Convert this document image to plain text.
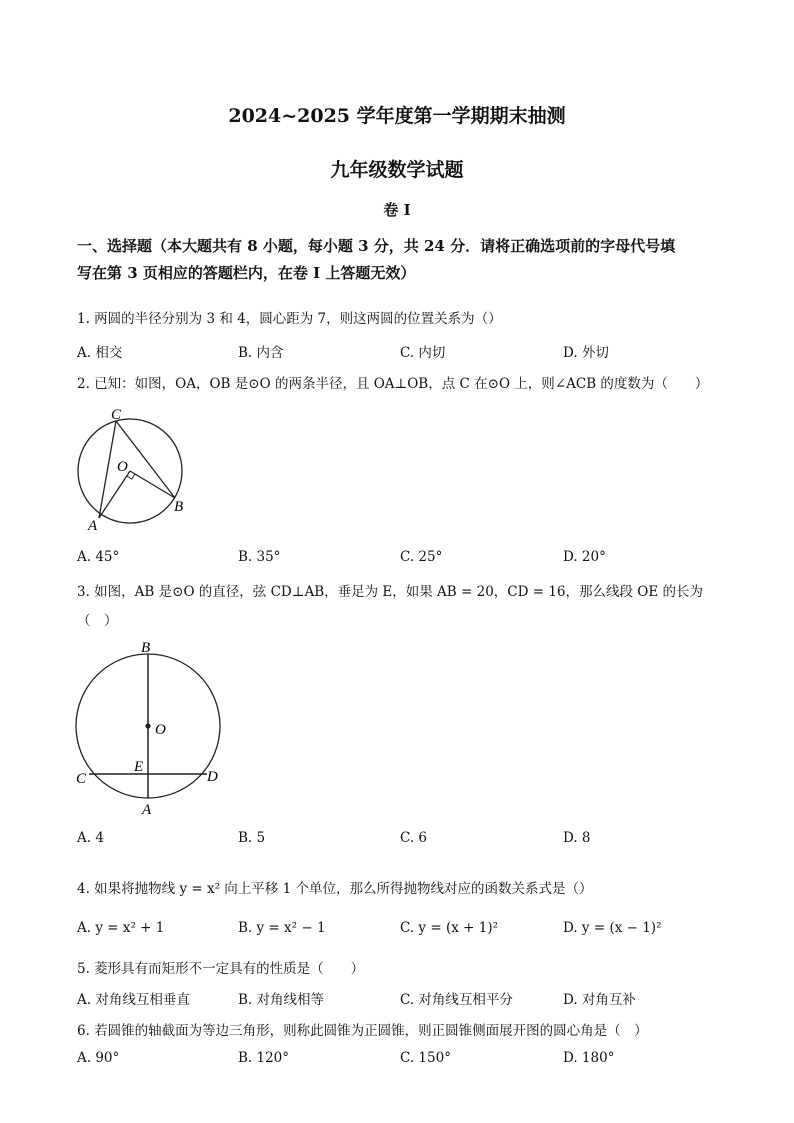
2024~2025 学年度第一学期期末抽测
九年级数学试题
卷 I
一、选择题（本大题共有 8 小题，每小题 3 分，共 24 分．请将正确选项前的字母代号填
写在第 3 页相应的答题栏内，在卷 I 上答题无效）
1. 两圆的半径分别为 3 和 4，圆心距为 7，则这两圆的位置关系为（）
A. 相交	B. 内含	C. 内切	D. 外切
2. 已知：如图，OA，OB 是⊙O 的两条半径，且 OA⊥OB，点 C 在⊙O 上，则∠ACB 的度数为（　　）
C
O
A
B
A. 45°	B. 35°	C. 25°	D. 20°
3. 如图，AB 是⊙O 的直径，弦 CD⊥AB，垂足为 E，如果 AB = 20，CD = 16，那么线段 OE 的长为
（　）
B
O
E
C	D
A
A. 4	B. 5	C. 6	D. 8
4. 如果将抛物线 y = x² 向上平移 1 个单位，那么所得抛物线对应的函数关系式是（）
A. y = x² + 1	B. y = x² − 1	C. y = (x + 1)²	D. y = (x − 1)²
5. 菱形具有而矩形不一定具有的性质是（　　）
A. 对角线互相垂直	B. 对角线相等	C. 对角线互相平分	D. 对角互补
6. 若圆锥的轴截面为等边三角形，则称此圆锥为正圆锥，则正圆锥侧面展开图的圆心角是（　）
A. 90°	B. 120°	C. 150°	D. 180°
